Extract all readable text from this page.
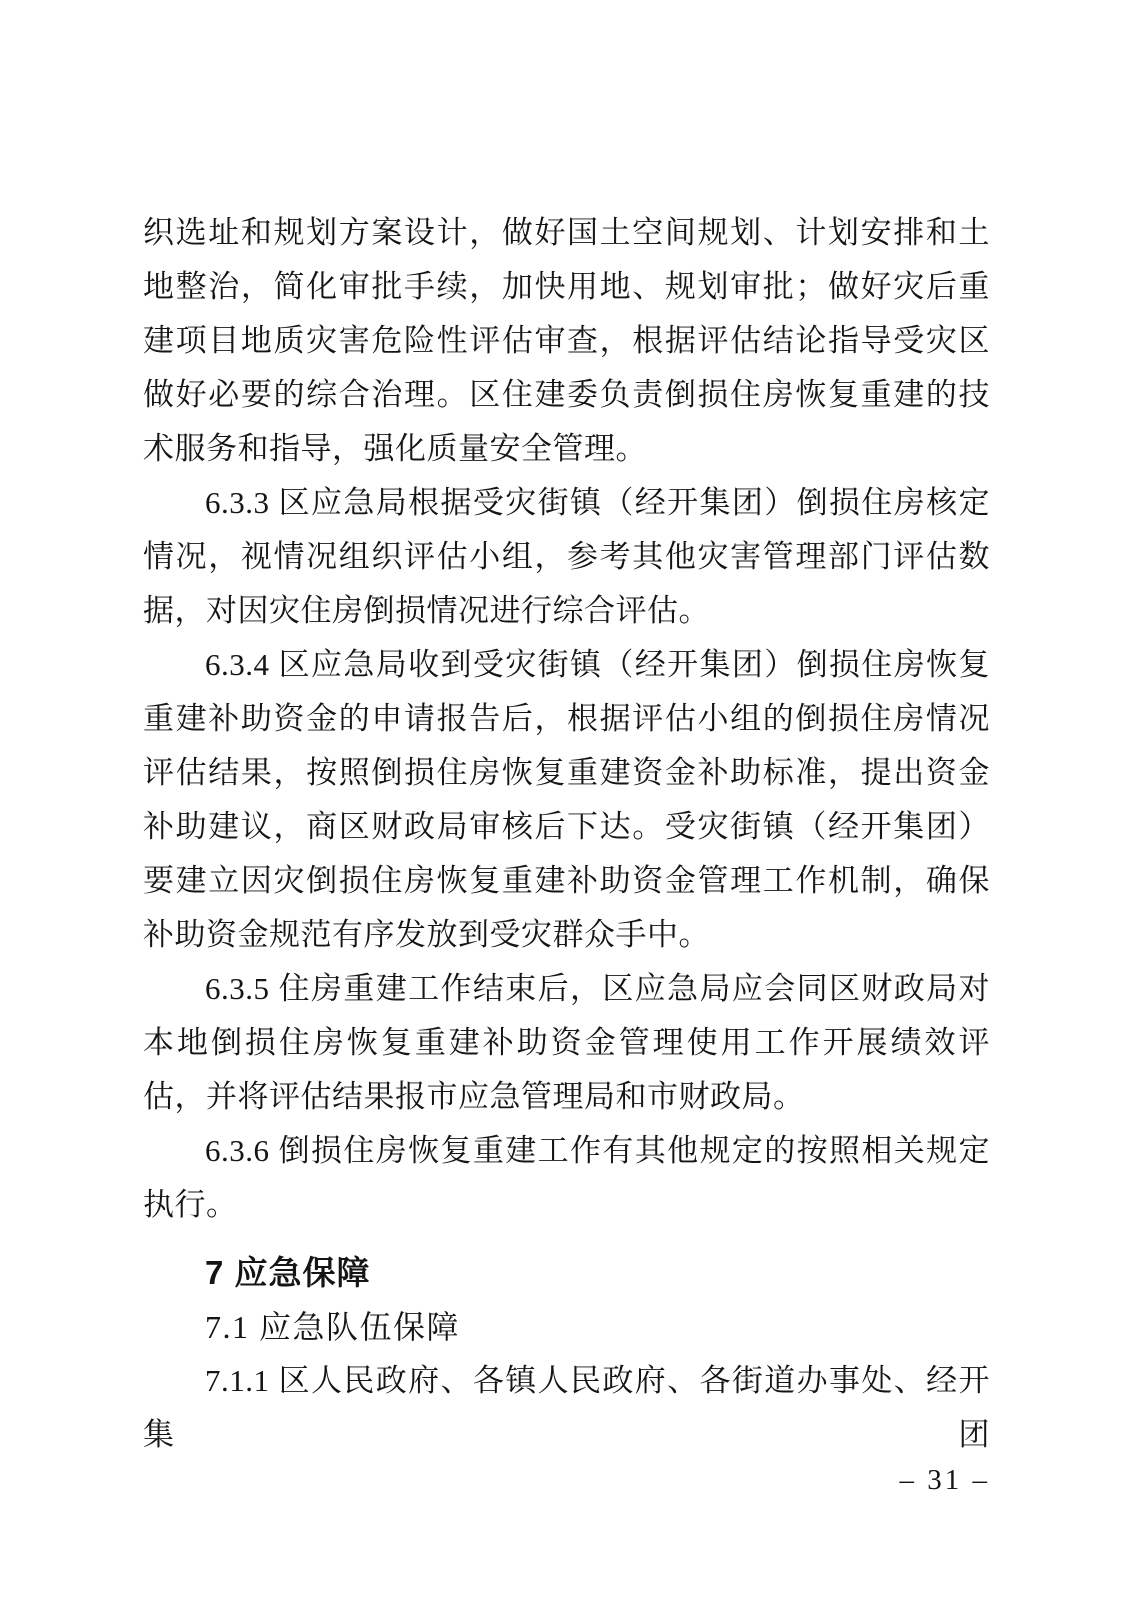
织选址和规划方案设计，做好国土空间规划、计划安排和土地整治，简化审批手续，加快用地、规划审批；做好灾后重建项目地质灾害危险性评估审查，根据评估结论指导受灾区做好必要的综合治理。区住建委负责倒损住房恢复重建的技术服务和指导，强化质量安全管理。

6.3.3 区应急局根据受灾街镇（经开集团）倒损住房核定情况，视情况组织评估小组，参考其他灾害管理部门评估数据，对因灾住房倒损情况进行综合评估。

6.3.4 区应急局收到受灾街镇（经开集团）倒损住房恢复重建补助资金的申请报告后，根据评估小组的倒损住房情况评估结果，按照倒损住房恢复重建资金补助标准，提出资金补助建议，商区财政局审核后下达。受灾街镇（经开集团）要建立因灾倒损住房恢复重建补助资金管理工作机制，确保补助资金规范有序发放到受灾群众手中。

6.3.5 住房重建工作结束后，区应急局应会同区财政局对本地倒损住房恢复重建补助资金管理使用工作开展绩效评估，并将评估结果报市应急管理局和市财政局。

6.3.6 倒损住房恢复重建工作有其他规定的按照相关规定执行。

7 应急保障
7.1 应急队伍保障

7.1.1 区人民政府、各镇人民政府、各街道办事处、经开集团

– 31 –
